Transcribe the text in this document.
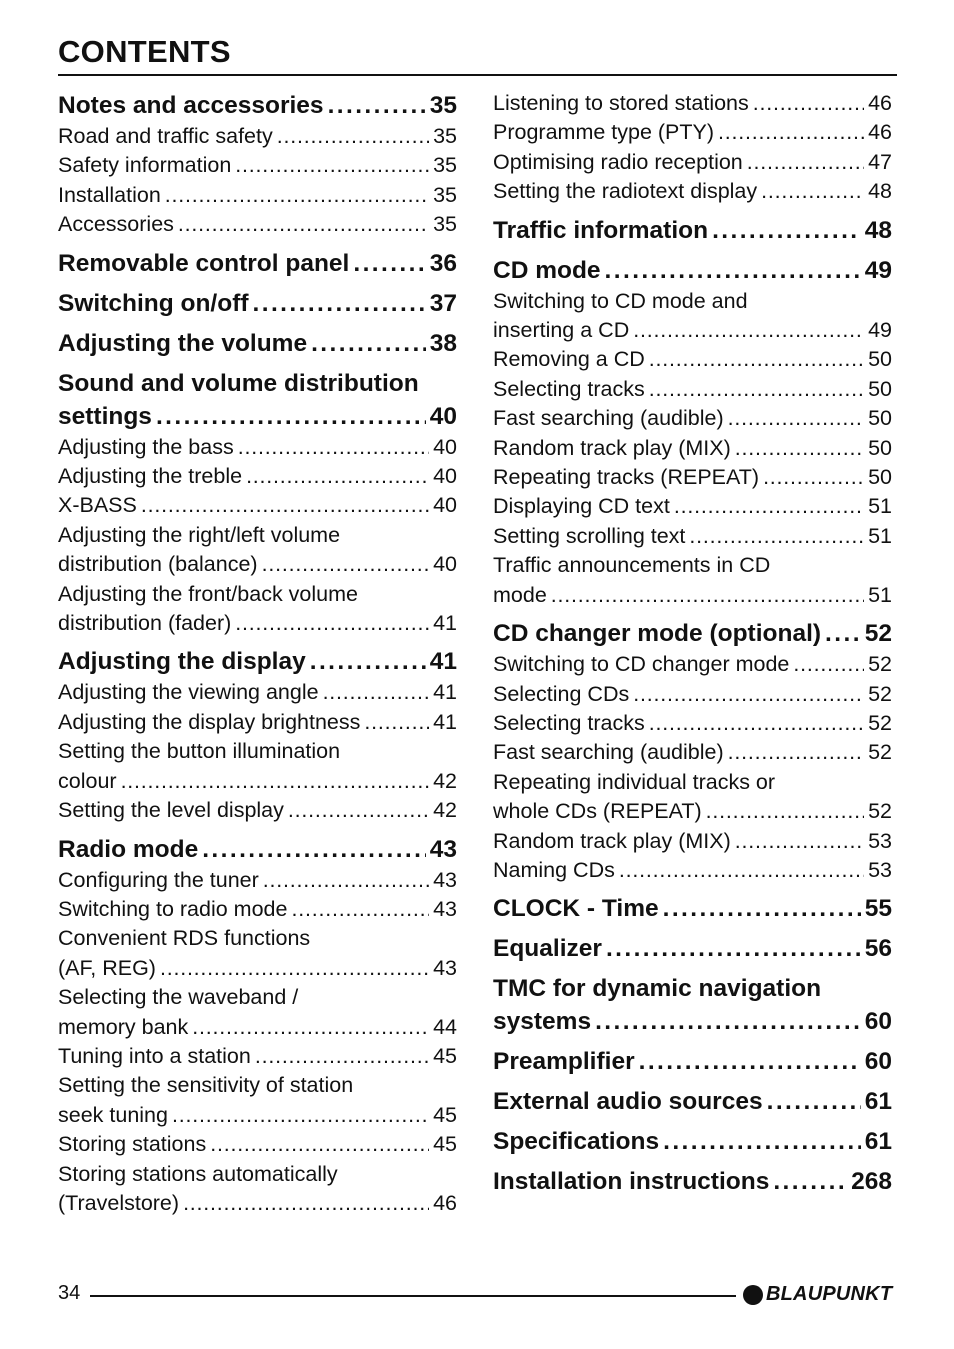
CONTENTS
Notes and accessories . . .	35
Road and traffic safety . . .	35
Safety information . . .	35
Installation . . .	35
Accessories . . .	35
Removable control panel . . .	36
Switching on/off . . .	37
Adjusting the volume . . .	38
Sound and volume distribution
settings . . .	40
Adjusting the bass . . .	40
Adjusting the treble . . .	40
X-BASS . . .	40
Adjusting the right/left volume
distribution (balance) . . .	40
Adjusting the front/back volume
distribution (fader) . . .	41
Adjusting the display . . .	41
Adjusting the viewing angle . . .	41
Adjusting the display brightness . . .	41
Setting the button illumination
colour . . .	42
Setting the level display . . .	42
Radio mode . . .	43
Configuring the tuner . . .	43
Switching to radio mode . . .	43
Convenient RDS functions
(AF, REG) . . .	43
Selecting the waveband /
memory bank . . .	44
Tuning into a station . . .	45
Setting the sensitivity of station
seek tuning . . .	45
Storing stations . . .	45
Storing stations automatically
(Travelstore) . . .	46
Listening to stored stations . . .	46
Programme type (PTY) . . .	46
Optimising radio reception . . .	47
Setting the radiotext display . . .	48
Traffic information . . .	48
CD mode . . .	49
Switching to CD mode and
inserting a CD . . .	49
Removing a CD . . .	50
Selecting tracks . . .	50
Fast searching (audible) . . .	50
Random track play (MIX) . . .	50
Repeating tracks (REPEAT) . . .	50
Displaying CD text . . .	51
Setting scrolling text . . .	51
Traffic announcements in CD
mode . . .	51
CD changer mode (optional) . . . 52
Switching to CD changer mode . . .	52
Selecting CDs . . .	52
Selecting tracks . . .	52
Fast searching (audible) . . .	52
Repeating individual tracks or
whole CDs (REPEAT) . . .	52
Random track play (MIX) . . .	53
Naming CDs . . .	53
CLOCK - Time . . .	55
Equalizer . . .	56
TMC for dynamic navigation
systems . . .	60
Preamplifier . . .	60
External audio sources . . .	61
Specifications . . .	61
Installation instructions . . .	268
34	BLAUPUNKT
